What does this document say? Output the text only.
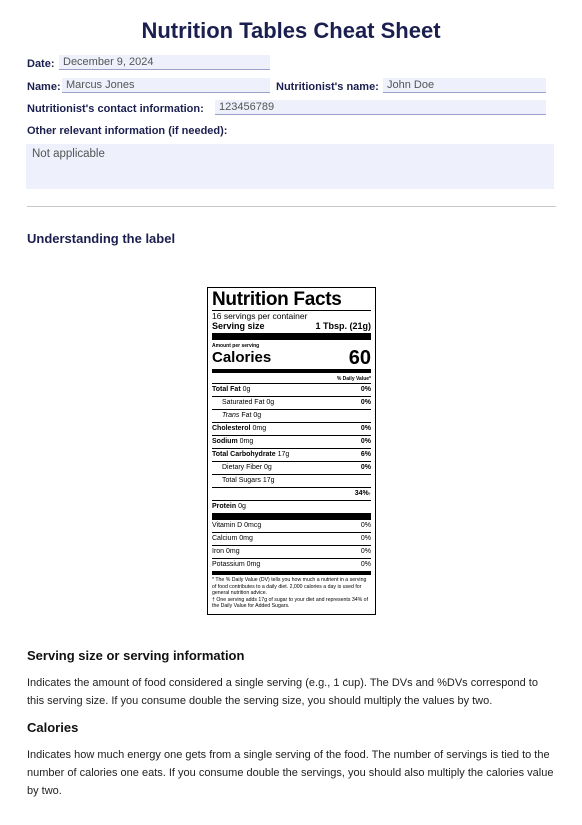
Nutrition Tables Cheat Sheet
Date: December 9, 2024
Name: Marcus Jones	Nutritionist's name: John Doe
Nutritionist's contact information:	123456789
Other relevant information (if needed):
Not applicable
Understanding the label
Nutrition Facts
16 servings per container
Serving size	1 Tbsp. (21g)
Amount per serving
Calories	60
% Daily Value*
Total Fat 0g	0%
Saturated Fat 0g	0%
Trans Fat 0g
Cholesterol 0mg	0%
Sodium 0mg	0%
Total Carbohydrate 17g	6%
Dietary Fiber 0g	0%
Total Sugars 17g
34% †
Protein 0g
Vitamin D 0mcg	0%
Calcium 0mg	0%
Iron 0mg	0%
Potassium 0mg	0%
* The % Daily Value (DV) tells you how much a nutrient in a serving of food contributes to a daily diet. 2,000 calories a day is used for general nutrition advice.
† One serving adds 17g of sugar to your diet and represents 34% of the Daily Value for Added Sugars.
Serving size or serving information
Indicates the amount of food considered a single serving (e.g., 1 cup). The DVs and %DVs correspond to this serving size. If you consume double the serving size, you should multiply the values by two.
Calories
Indicates how much energy one gets from a single serving of the food. The number of servings is tied to the number of calories one eats. If you consume double the servings, you should also multiply the calories value by two.
